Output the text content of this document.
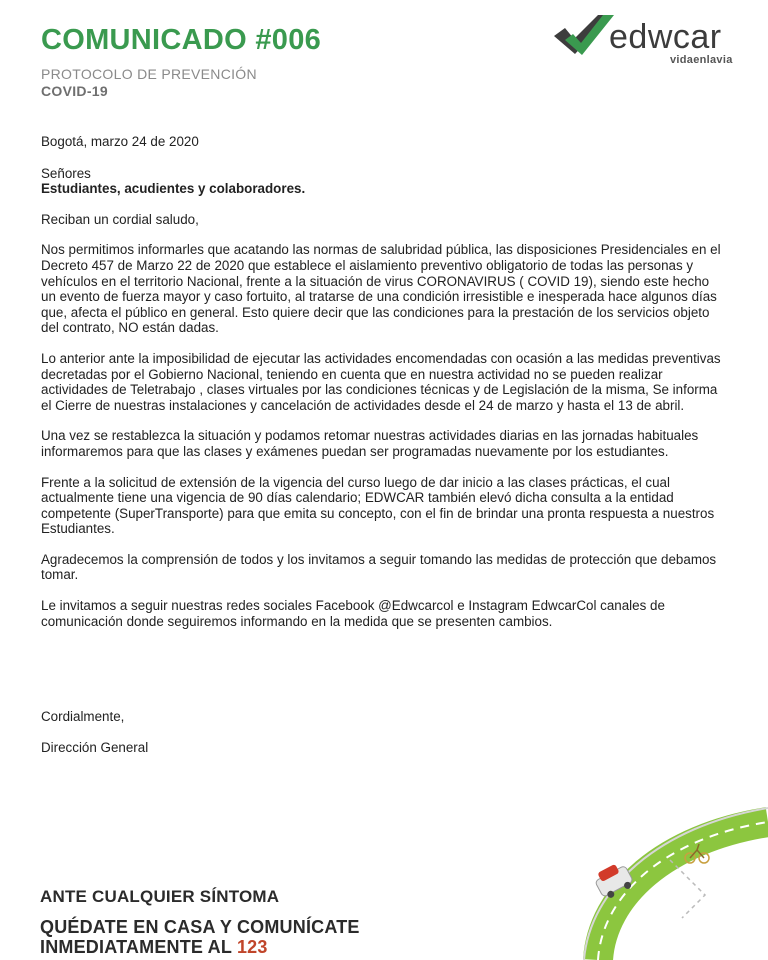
COMUNICADO #006
PROTOCOLO DE PREVENCIÓN
COVID-19
edwcar
vidaenlavia

Bogotá, marzo 24 de 2020

Señores
Estudiantes, acudientes y colaboradores.

Reciban un cordial saludo,

Nos permitimos informarles que acatando las normas de salubridad pública, las disposiciones Presidenciales en el Decreto 457 de Marzo 22 de 2020 que establece el aislamiento preventivo obligatorio de todas las personas y vehículos en el territorio Nacional, frente a la situación de virus CORONAVIRUS ( COVID 19), siendo este hecho un evento de fuerza mayor y caso fortuito, al tratarse de una condición irresistible e inesperada hace algunos días que, afecta el público en general. Esto quiere decir que las condiciones para la prestación de los servicios objeto del contrato, NO están dadas.

Lo anterior ante la imposibilidad de ejecutar las actividades encomendadas con ocasión a las medidas preventivas decretadas por el Gobierno Nacional, teniendo en cuenta que en nuestra actividad no se pueden realizar actividades de Teletrabajo , clases virtuales por las condiciones técnicas y de Legislación de la misma, Se informa el Cierre de nuestras instalaciones y cancelación de actividades desde el 24 de marzo y hasta el 13 de abril.

Una vez se restablezca la situación y podamos retomar nuestras actividades diarias en las jornadas habituales informaremos para que las clases y exámenes puedan ser programadas nuevamente por los estudiantes.

Frente a la solicitud de extensión de la vigencia del curso luego de dar inicio a las clases prácticas, el cual actualmente tiene una vigencia de 90 días calendario; EDWCAR también elevó dicha consulta a la entidad competente (SuperTransporte) para que emita su concepto, con el fin de brindar una pronta respuesta a nuestros Estudiantes.

Agradecemos la comprensión de todos y los invitamos a seguir tomando las medidas de protección que debamos tomar.

Le invitamos a seguir nuestras redes sociales Facebook @Edwcarcol e Instagram EdwcarCol canales de comunicación donde seguiremos informando en la medida que se presenten cambios.

Cordialmente,
Dirección General
ANTE CUALQUIER SÍNTOMA
QUÉDATE EN CASA Y COMUNÍCATE
INMEDIATAMENTE AL 123
